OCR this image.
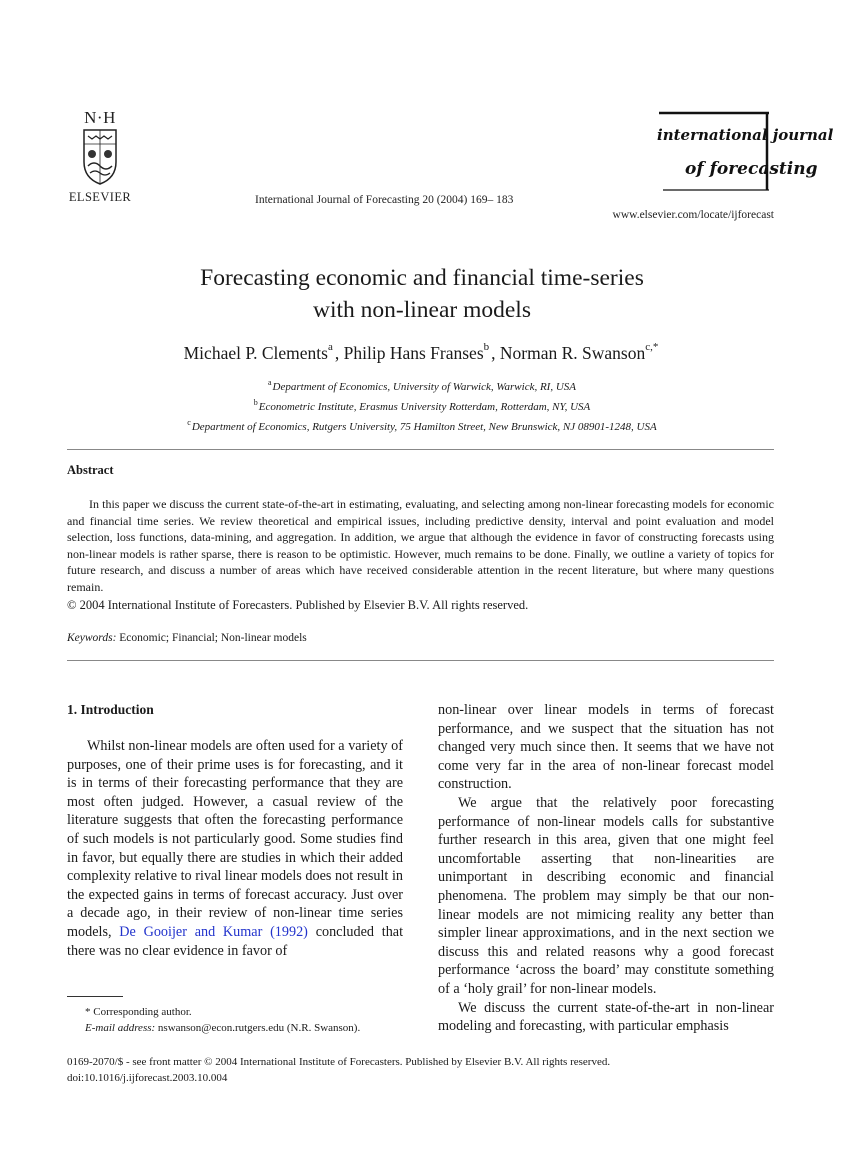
N·H
ELSEVIER	International Journal of Forecasting 20 (2004) 169– 183
international journal
of forecasting
www.elsevier.com/locate/ijforecast
Forecasting economic and financial time-series
with non-linear models
Michael P. Clements$^a$ , Philip Hans Franses$^b$ , Norman R. Swanson$^{c,*}$
$^a$Department of Economics, University of Warwick, Warwick, RI, USA
$^b$Econometric Institute, Erasmus University Rotterdam, Rotterdam, NY, USA
$^c$Department of Economics, Rutgers University, 75 Hamilton Street, New Brunswick, NJ 08901-1248, USA
Abstract

In this paper we discuss the current state-of-the-art in estimating, evaluating, and selecting among non-linear forecasting models for economic and financial time series. We review theoretical and empirical issues, including predictive density, interval and point evaluation and model selection, loss functions, data-mining, and aggregation. In addition, we argue that although the evidence in favor of constructing forecasts using non-linear models is rather sparse, there is reason to be optimistic. However, much remains to be done. Finally, we outline a variety of topics for future research, and discuss a number of areas which have received considerable attention in the recent literature, but where many questions remain.

© 2004 International Institute of Forecasters. Published by Elsevier B.V. All rights reserved.
Keywords: Economic; Financial; Non-linear models
1. Introduction

Whilst non-linear models are often used for a variety of purposes, one of their prime uses is for forecasting, and it is in terms of their forecasting performance that they are most often judged. However, a casual review of the literature suggests that often the forecasting performance of such models is not particularly good. Some studies find in favor, but equally there are studies in which their added complexity relative to rival linear models does not result in the expected gains in terms of forecast accuracy. Just over a decade ago, in their review of non-linear time series models, De Gooijer and Kumar (1992) concluded that there was no clear evidence in favor of

non-linear over linear models in terms of forecast performance, and we suspect that the situation has not changed very much since then. It seems that we have not come very far in the area of non-linear forecast model construction.

We argue that the relatively poor forecasting performance of non-linear models calls for substantive further research in this area, given that one might feel uncomfortable asserting that non-linearities are unimportant in describing economic and financial phenomena. The problem may simply be that our non-linear models are not mimicing reality any better than simpler linear approximations, and in the next section we discuss this and related reasons why a good forecast performance ‘across the board’ may constitute something of a ‘holy grail’ for non-linear models.

We discuss the current state-of-the-art in non-linear modeling and forecasting, with particular emphasis

* Corresponding author.
E-mail address: nswanson@econ.rutgers.edu (N.R. Swanson).
0169-2070/$ - see front matter © 2004 International Institute of Forecasters. Published by Elsevier B.V. All rights reserved.
doi:10.1016/j.ijforecast.2003.10.004
